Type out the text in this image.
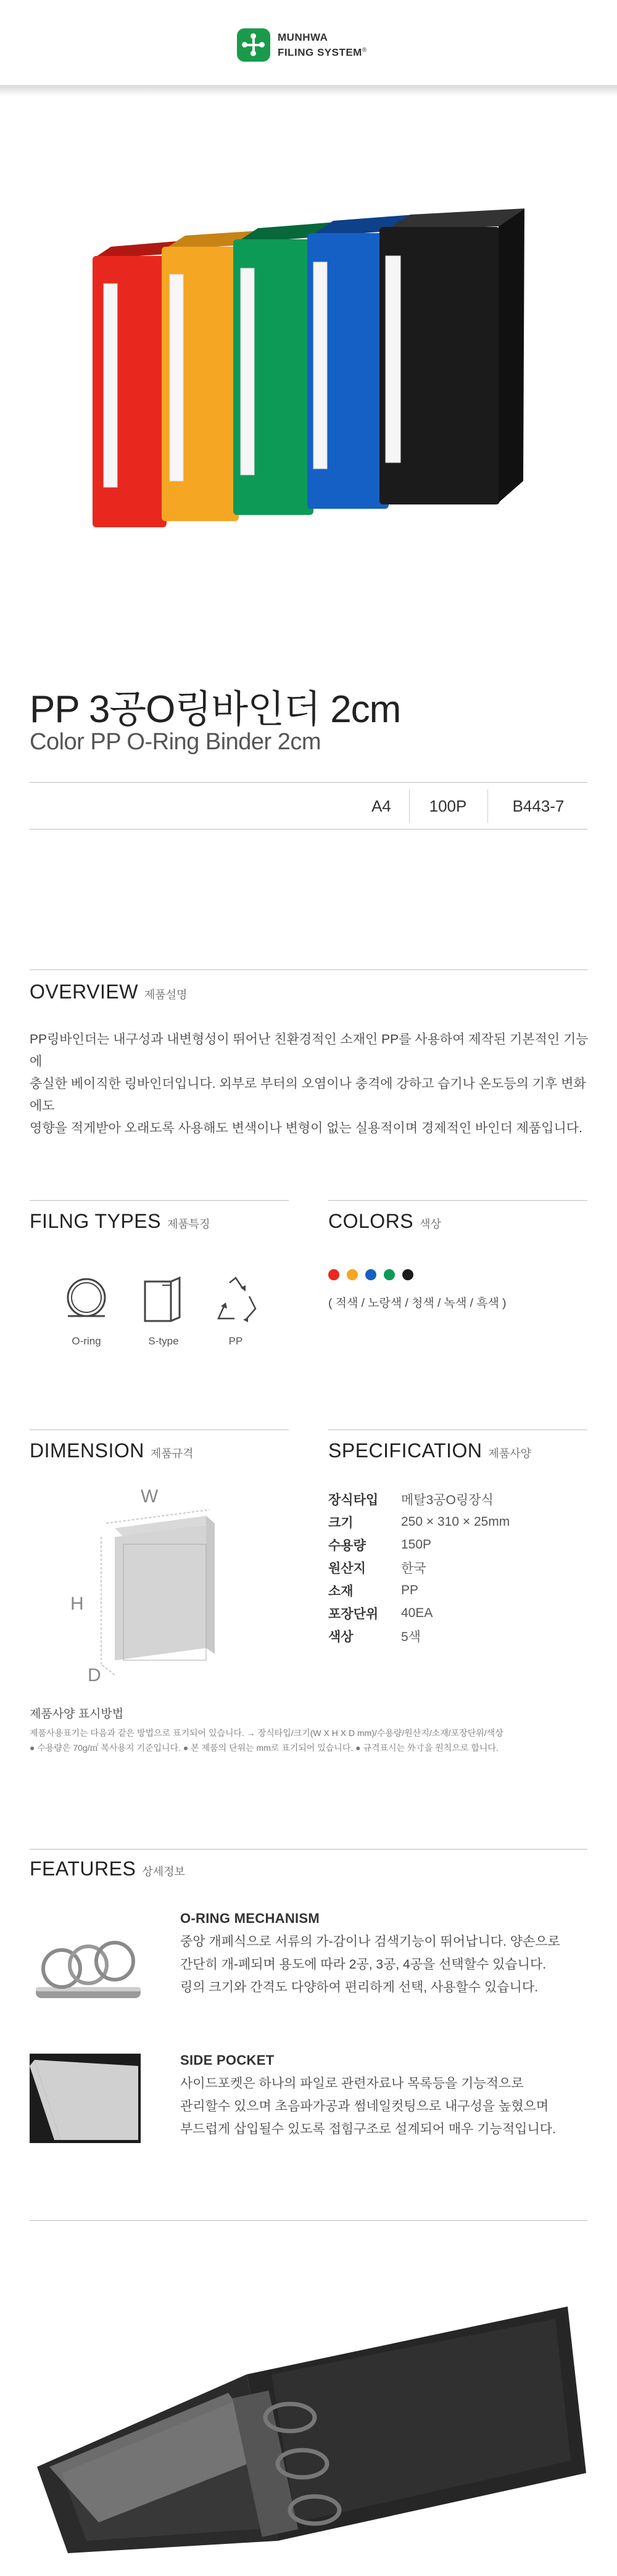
MUNHWA
FILING SYSTEM®
PP 3공O링바인더 2cm
Color PP O-Ring Binder 2cm
A4	100P	B443-7
OVERVIEW 제품설명
PP링바인더는 내구성과 내변형성이 뛰어난 친환경적인 소재인 PP를 사용하여 제작된 기본적인 기능에
충실한 베이직한 링바인더입니다. 외부로 부터의 오염이나 충격에 강하고 습기나 온도등의 기후 변화에도
영향을 적게받아 오래도록 사용해도 변색이나 변형이 없는 실용적이며 경제적인 바인더 제품입니다.
FILNG TYPES 제품특징
O-ring	S-type	PP
COLORS 색상
( 적색 / 노랑색 / 청색 / 녹색 / 흑색 )
DIMENSION 제품규격
W
H
D
SPECIFICATION 제품사양
장식타입	메탈3공O링장식
크기	250 × 310 × 25mm
수용량	150P
원산지	한국
소재	PP
포장단위	40EA
색상	5색
제품사양 표시방법
제품사용표기는 다음과 같은 방법으로 표기되어 있습니다. → 장식타입/크기(W X H X D mm)/수용량/원산지/소재/포장단위/색상
● 수용량은 70g/㎡ 복사용지 기준입니다. ● 본 제품의 단위는 mm로 표기되어 있습니다. ● 규격표시는 外寸을 원칙으로 합니다.
FEATURES 상세정보
O-RING MECHANISM
중앙 개폐식으로 서류의 가-감이나 검색기능이 뛰어납니다. 양손으로
간단히 개-폐되며 용도에 따라 2공, 3공, 4공을 선택할수 있습니다.
링의 크기와 간격도 다양하여 편리하게 선택, 사용할수 있습니다.
SIDE POCKET
사이드포켓은 하나의 파일로 관련자료나 목록등을 기능적으로
관리할수 있으며 초음파가공과 썸네일컷팅으로 내구성을 높혔으며
부드럽게 삽입될수 있도록 접힘구조로 설계되어 매우 기능적입니다.
